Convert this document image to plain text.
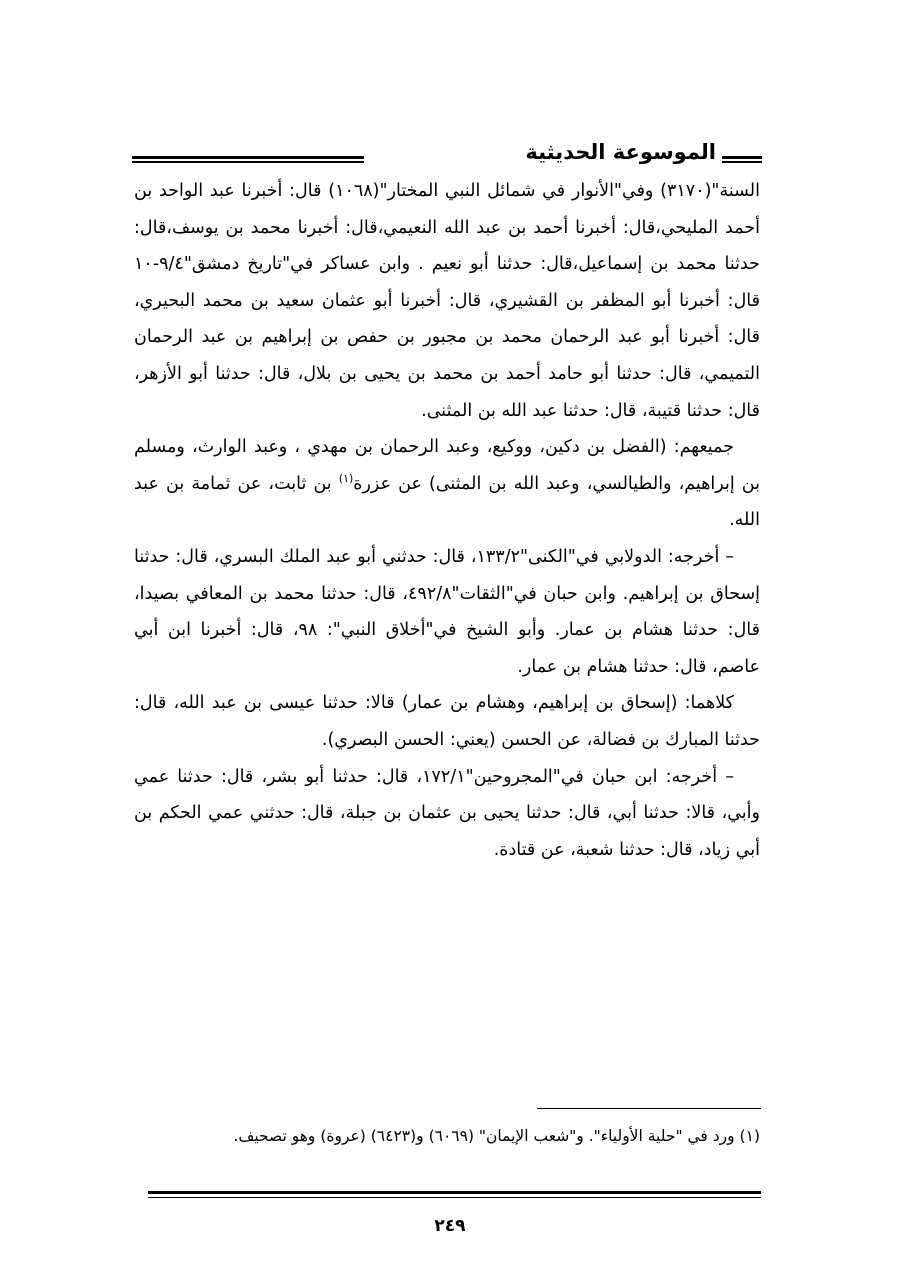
الموسوعة الحديثية

السنة"(٣١٧٠) وفي"الأنوار في شمائل النبي المختار"(١٠٦٨) قال: أخبرنا عبد الواحد بن أحمد المليحي،قال: أخبرنا أحمد بن عبد الله النعيمي،قال: أخبرنا محمد بن يوسف،قال: حدثنا محمد بن إسماعيل،قال: حدثنا أبو نعيم . وابن عساكر في"تاريخ دمشق"٩/٤-١٠ قال: أخبرنا أبو المظفر بن القشيري، قال: أخبرنا أبو عثمان سعيد بن محمد البحيري، قال: أخبرنا أبو عبد الرحمان محمد بن مجبور بن حفص بن إبراهيم بن عبد الرحمان التميمي، قال: حدثنا أبو حامد أحمد بن محمد بن يحيى بن بلال، قال: حدثنا أبو الأزهر، قال: حدثنا قتيبة، قال: حدثنا عبد الله بن المثنى.

جميعهم: (الفضل بن دكين، ووكيع، وعبد الرحمان بن مهدي ، وعبد الوارث، ومسلم بن إبراهيم، والطيالسي، وعبد الله بن المثنى) عن عزرة$^{(١)}$ بن ثابت، عن ثمامة بن عبد الله.

– أخرجه: الدولابي في"الكنى"١٣٣/٢، قال: حدثني أبو عبد الملك البسري، قال: حدثنا إسحاق بن إبراهيم. وابن حبان في"الثقات"٤٩٢/٨، قال: حدثنا محمد بن المعافي بصيدا، قال: حدثنا هشام بن عمار. وأبو الشيخ في"أخلاق النبي": ٩٨، قال: أخبرنا ابن أبي عاصم، قال: حدثنا هشام بن عمار.

كلاهما: (إسحاق بن إبراهيم، وهشام بن عمار) قالا: حدثنا عيسى بن عبد الله، قال: حدثنا المبارك بن فضالة، عن الحسن (يعني: الحسن البصري).

– أخرجه: ابن حبان في"المجروحين"١٧٢/١، قال: حدثنا أبو بشر، قال: حدثنا عمي وأبي، قالا: حدثنا أبي، قال: حدثنا يحيى بن عثمان بن جبلة، قال: حدثني عمي الحكم بن أبي زياد، قال: حدثنا شعبة، عن قتادة.

(١) ورد في "حلية الأولياء". و"شعب الإيمان" (٦٠٦٩) و(٦٤٢٣) (عروة) وهو تصحيف.
٢٤٩
